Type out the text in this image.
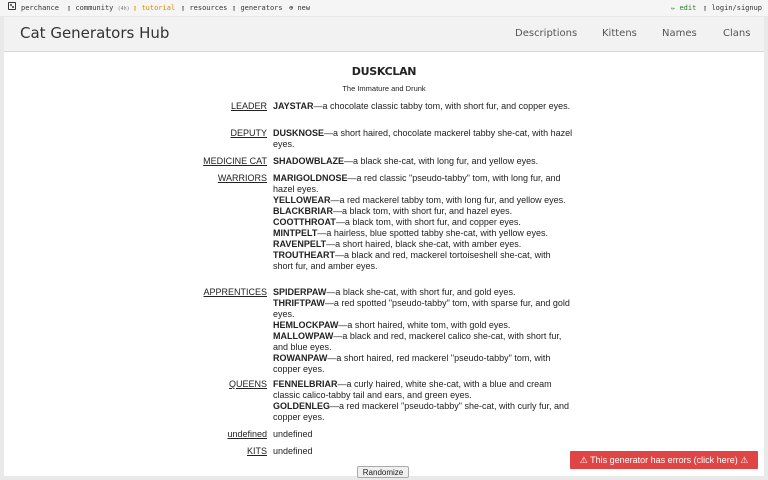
perchance ▯ community (4h) ▯ tutorial ▯ resources ▯ generators ⊕ new	✏ edit ▯ login/signup
Cat Generators Hub	Descriptions Kittens	Names	Clans
DUSKCLAN
The Immature and Drunk
LEADER JAYSTAR—a chocolate classic tabby tom, with short fur, and copper eyes.
DEPUTY DUSKNOSE—a short haired, chocolate mackerel tabby she-cat, with hazel eyes.
MEDICINE CAT SHADOWBLAZE—a black she-cat, with long fur, and yellow eyes.
WARRIORS MARIGOLDNOSE—a red classic "pseudo-tabby" tom, with long fur, and hazel eyes.
YELLOWEAR—a red mackerel tabby tom, with long fur, and yellow eyes.
BLACKBRIAR—a black tom, with short fur, and hazel eyes.
COOTTHROAT—a black tom, with short fur, and copper eyes.
MINTPELT—a hairless, blue spotted tabby she-cat, with yellow eyes.
RAVENPELT—a short haired, black she-cat, with amber eyes.
TROUTHEART—a black and red, mackerel tortoiseshell she-cat, with short fur, and amber eyes.
APPRENTICES SPIDERPAW—a black she-cat, with short fur, and gold eyes.
THRIFTPAW—a red spotted "pseudo-tabby" tom, with sparse fur, and gold eyes.
HEMLOCKPAW—a short haired, white tom, with gold eyes.
MALLOWPAW—a black and red, mackerel calico she-cat, with short fur, and blue eyes.
ROWANPAW—a short haired, red mackerel "pseudo-tabby" tom, with copper eyes.
QUEENS FENNELBRIAR—a curly haired, white she-cat, with a blue and cream classic calico-tabby tail and ears, and green eyes.
GOLDENLEG—a red mackerel "pseudo-tabby" she-cat, with curly fur, and copper eyes.
undefined undefined
KITS undefined
Randomize
⚠ This generator has errors (click here) ⚠
